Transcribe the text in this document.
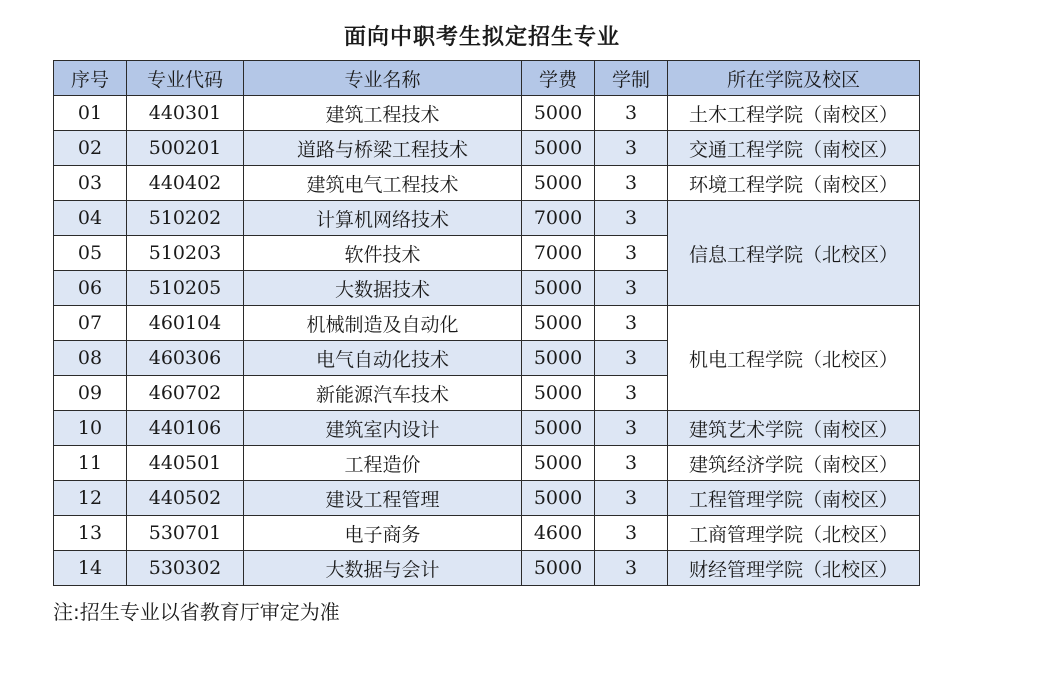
面向中职考生拟定招生专业
序号	专业代码	专业名称	学费	学制	所在学院及校区
01	440301	建筑工程技术	5000	3	土木工程学院（南校区）
02	500201	道路与桥梁工程技术	5000	3	交通工程学院（南校区）
03	440402	建筑电气工程技术	5000	3	环境工程学院（南校区）
04	510202	计算机网络技术	7000	3	信息工程学院（北校区）
05	510203	软件技术	7000	3	
06	510205	大数据技术	5000	3	
07	460104	机械制造及自动化	5000	3	机电工程学院（北校区）
08	460306	电气自动化技术	5000	3	
09	460702	新能源汽车技术	5000	3	
10	440106	建筑室内设计	5000	3	建筑艺术学院（南校区）
11	440501	工程造价	5000	3	建筑经济学院（南校区）
12	440502	建设工程管理	5000	3	工程管理学院（南校区）
13	530701	电子商务	4600	3	工商管理学院（北校区）
14	530302	大数据与会计	5000	3	财经管理学院（北校区）
注:招生专业以省教育厅审定为准
